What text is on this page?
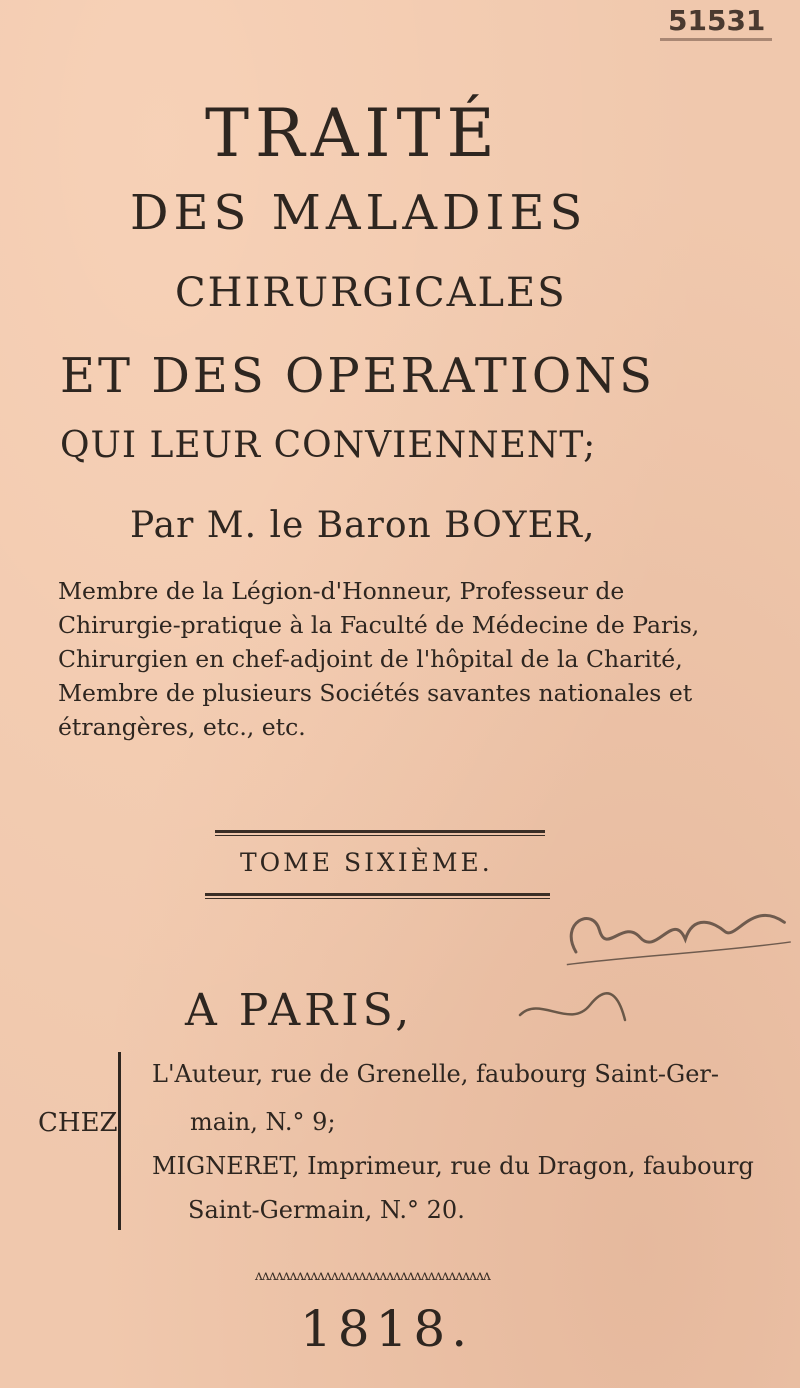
51531
TRAITÉ
DES MALADIES
CHIRURGICALES
ET DES OPERATIONS
QUI LEUR CONVIENNENT;
Par M. le Baron BOYER,
Membre de la Légion-d'Honneur, Professeur de Chirurgie-pratique à la Faculté de Médecine de Paris, Chirurgien en chef-adjoint de l'hôpital de la Charité, Membre de plusieurs Sociétés savantes nationales et étrangères, etc., etc.
TOME SIXIÈME.
A PARIS,
CHEZ
L'Auteur, rue de Grenelle, faubourg Saint-Ger-
main, N.° 9;
MIGNERET, Imprimeur, rue du Dragon, faubourg
Saint-Germain, N.° 20.
ʌʌʌʌʌʌʌʌʌʌʌʌʌʌʌʌʌʌʌʌʌʌʌʌʌʌʌʌʌʌʌʌʌʌ
1818.
